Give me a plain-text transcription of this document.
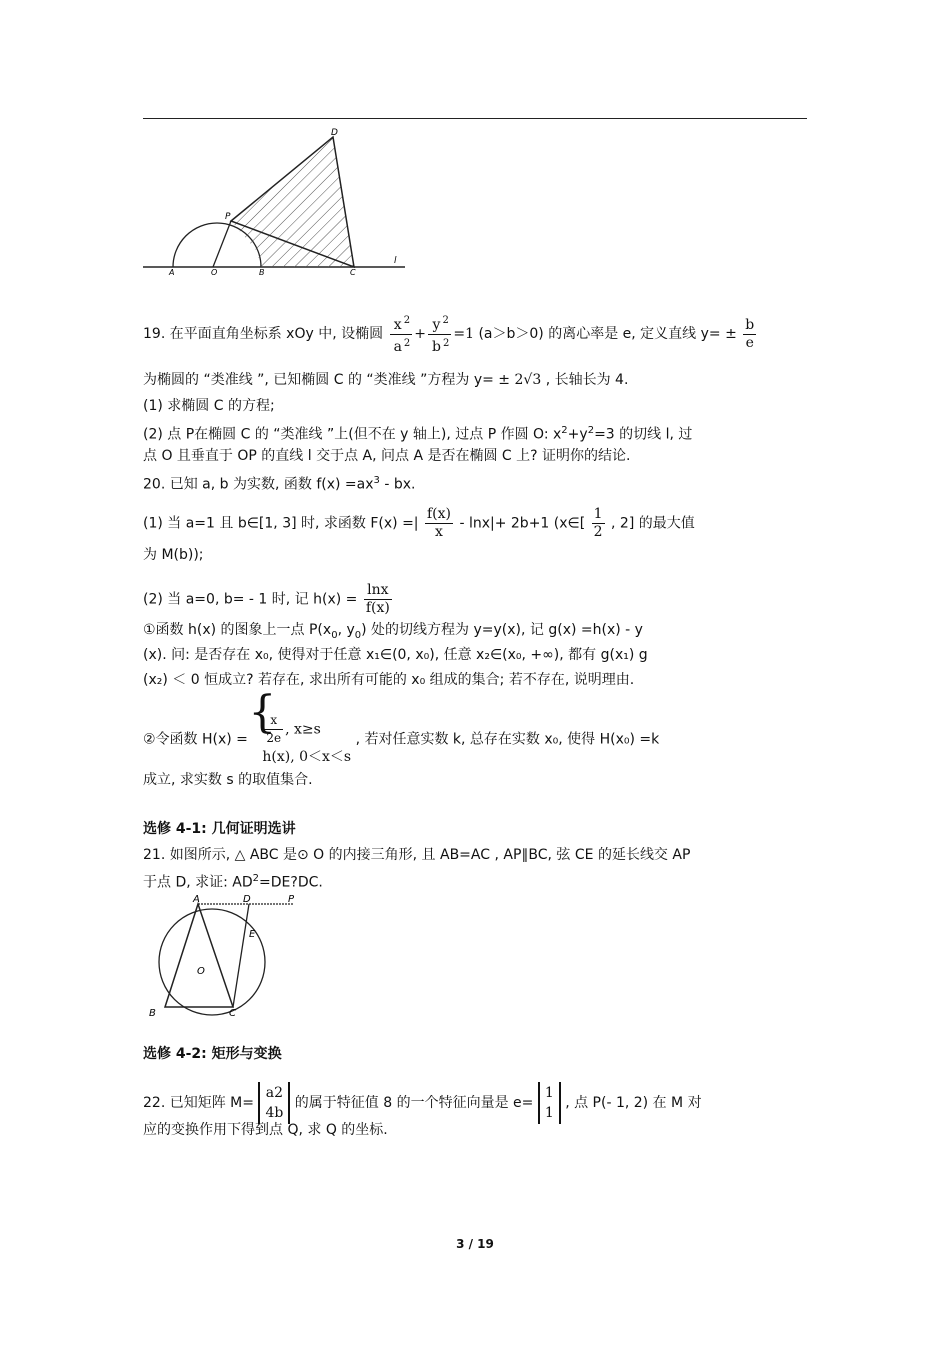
D
P
A	O	B	C
l
19. 在平面直角坐标系 xOy 中, 设椭圆 $\frac{x ^2}{a ^2} + \frac{y ^2}{b ^2} =1$ (a＞b＞0) 的离心率是 e, 定义直线 $y= \pm \frac{b}{e}$
为椭圆的 “类准线 ”, 已知椭圆 C 的 “类准线 ”方程为 y= ± 2√3 , 长轴长为 4.
(1) 求椭圆 C 的方程;
(2) 点 P在椭圆 C 的 “类准线 ”上(但不在 y 轴上), 过点 P 作圆 O: $x^2+y^2=3$ 的切线 l, 过
点 O 且垂直于 OP 的直线 l 交于点 A, 问点 A 是否在椭圆 C 上? 证明你的结论.
20. 已知 a, b 为实数, 函数 $f(x) =ax^3$ - bx.
(1) 当 a=1 且 b∈[1, 3] 时, 求函数 F(x) =| $\frac{f(x)}{x} - \ln x|+ 2b+1$ (x∈[ $\frac{1}{2}$ , 2] 的最大值
为 M(b));
(2) 当 a=0, b= - 1 时, 记 $h(x) = \frac{\ln x}{f(x)}$
①函数 h(x) 的图象上一点 $P(x_0$, $y_0$) 处的切线方程为 y=y(x), 记 g(x) =h(x) - y
(x). 问: 是否存在 x₀, 使得对于任意 x₁∈(0, x₀), 任意 x₂∈(x₀, +∞), 都有 g(x₁) g
(x₂) ＜ 0 恒成立? 若存在, 求出所有可能的 x₀ 组成的集合; 若不存在, 说明理由.
②令函数 H(x) =
{ $\frac{x}{2e}$ , x≥s
h(x), 0＜x＜s
, 若对任意实数 k, 总存在实数 x₀, 使得 H(x₀) =k
成立, 求实数 s 的取值集合.
选修 4-1: 几何证明选讲
21. 如图所示, △ ABC 是⊙ O 的内接三角形, 且 AB=AC , AP∥BC, 弦 CE 的延长线交 AP
于点 D, 求证: $AD^2=DE?DC$.
A	D	P
E
O
B	C
选修 4-2: 矩形与变换
22. 已知矩阵 M=
a2
4b
的属于特征值 8 的一个特征向量是 e=
1
1
, 点 P(- 1, 2) 在 M 对
应的变换作用下得到点 Q, 求 Q 的坐标.
3 / 19
